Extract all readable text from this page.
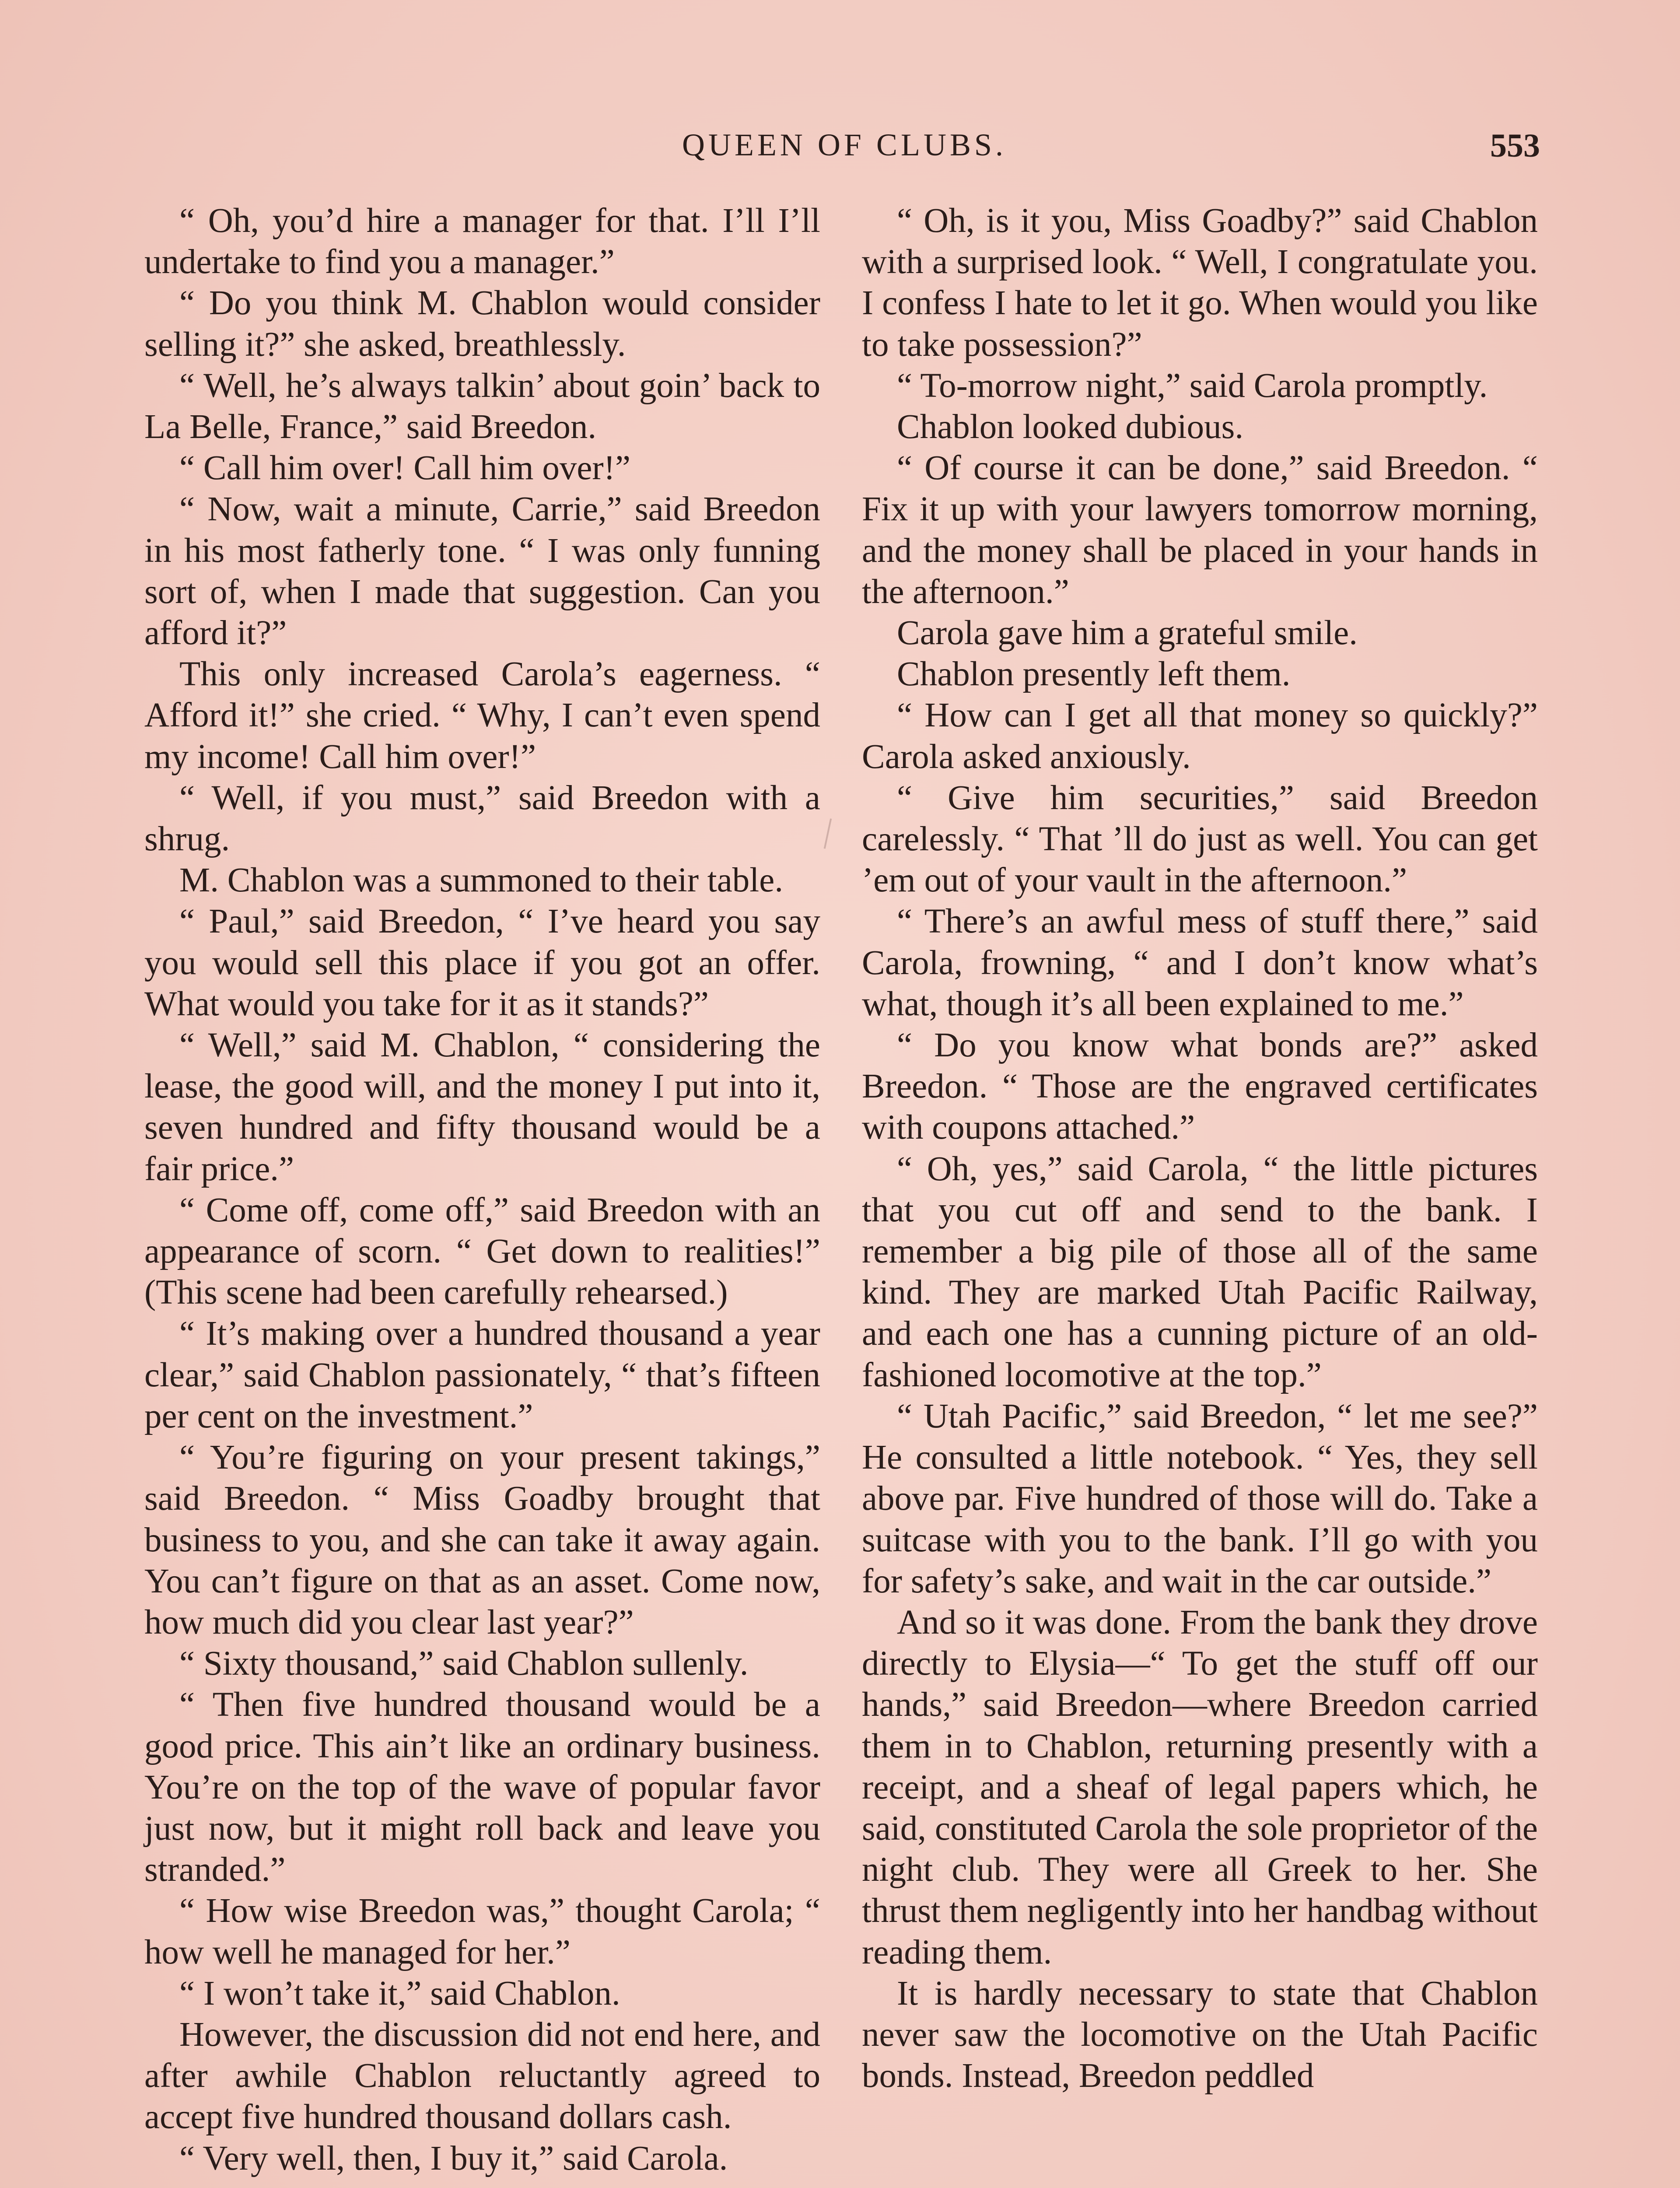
QUEEN OF CLUBS.	553

“ Oh, you’d hire a manager for that. I’ll I’ll undertake to find you a manager.”

“ Do you think M. Chablon would consider selling it?” she asked, breathlessly.

“ Well, he’s always talkin’ about goin’ back to La Belle, France,” said Breedon.

“ Call him over! Call him over!”

“ Now, wait a minute, Carrie,” said Breedon in his most fatherly tone. “ I was only funning sort of, when I made that suggestion. Can you afford it?”

This only increased Carola’s eagerness. “ Afford it!” she cried. “ Why, I can’t even spend my income! Call him over!”

“ Well, if you must,” said Breedon with a shrug.

M. Chablon was a summoned to their table.

“ Paul,” said Breedon, “ I’ve heard you say you would sell this place if you got an offer. What would you take for it as it stands?”

“ Well,” said M. Chablon, “ considering the lease, the good will, and the money I put into it, seven hundred and fifty thousand would be a fair price.”

“ Come off, come off,” said Breedon with an appearance of scorn. “ Get down to realities!” (This scene had been carefully rehearsed.)

“ It’s making over a hundred thousand a year clear,” said Chablon passionately, “ that’s fifteen per cent on the investment.”

“ You’re figuring on your present takings,” said Breedon. “ Miss Goadby brought that business to you, and she can take it away again. You can’t figure on that as an asset. Come now, how much did you clear last year?”

“ Sixty thousand,” said Chablon sullenly.

“ Then five hundred thousand would be a good price. This ain’t like an ordinary business. You’re on the top of the wave of popular favor just now, but it might roll back and leave you stranded.”

“ How wise Breedon was,” thought Carola; “ how well he managed for her.”

“ I won’t take it,” said Chablon.

However, the discussion did not end here, and after awhile Chablon reluctantly agreed to accept five hundred thousand dollars cash.

“ Very well, then, I buy it,” said Carola.

“ Oh, is it you, Miss Goadby?” said Chablon with a surprised look. “ Well, I congratulate you. I confess I hate to let it go. When would you like to take possession?”

“ To-morrow night,” said Carola promptly.

Chablon looked dubious.

“ Of course it can be done,” said Breedon. “ Fix it up with your lawyers tomorrow morning, and the money shall be placed in your hands in the afternoon.”

Carola gave him a grateful smile.

Chablon presently left them.

“ How can I get all that money so quickly?” Carola asked anxiously.

“ Give him securities,” said Breedon carelessly. “ That ’ll do just as well. You can get ’em out of your vault in the afternoon.”

“ There’s an awful mess of stuff there,” said Carola, frowning, “ and I don’t know what’s what, though it’s all been explained to me.”

“ Do you know what bonds are?” asked Breedon. “ Those are the engraved certificates with coupons attached.”

“ Oh, yes,” said Carola, “ the little pictures that you cut off and send to the bank. I remember a big pile of those all of the same kind. They are marked Utah Pacific Railway, and each one has a cunning picture of an old-fashioned locomotive at the top.”

“ Utah Pacific,” said Breedon, “ let me see?” He consulted a little notebook. “ Yes, they sell above par. Five hundred of those will do. Take a suitcase with you to the bank. I’ll go with you for safety’s sake, and wait in the car outside.”

And so it was done. From the bank they drove directly to Elysia—“ To get the stuff off our hands,” said Breedon—where Breedon carried them in to Chablon, returning presently with a receipt, and a sheaf of legal papers which, he said, constituted Carola the sole proprietor of the night club. They were all Greek to her. She thrust them negligently into her handbag without reading them.

It is hardly necessary to state that Chablon never saw the locomotive on the Utah Pacific bonds. Instead, Breedon peddled
